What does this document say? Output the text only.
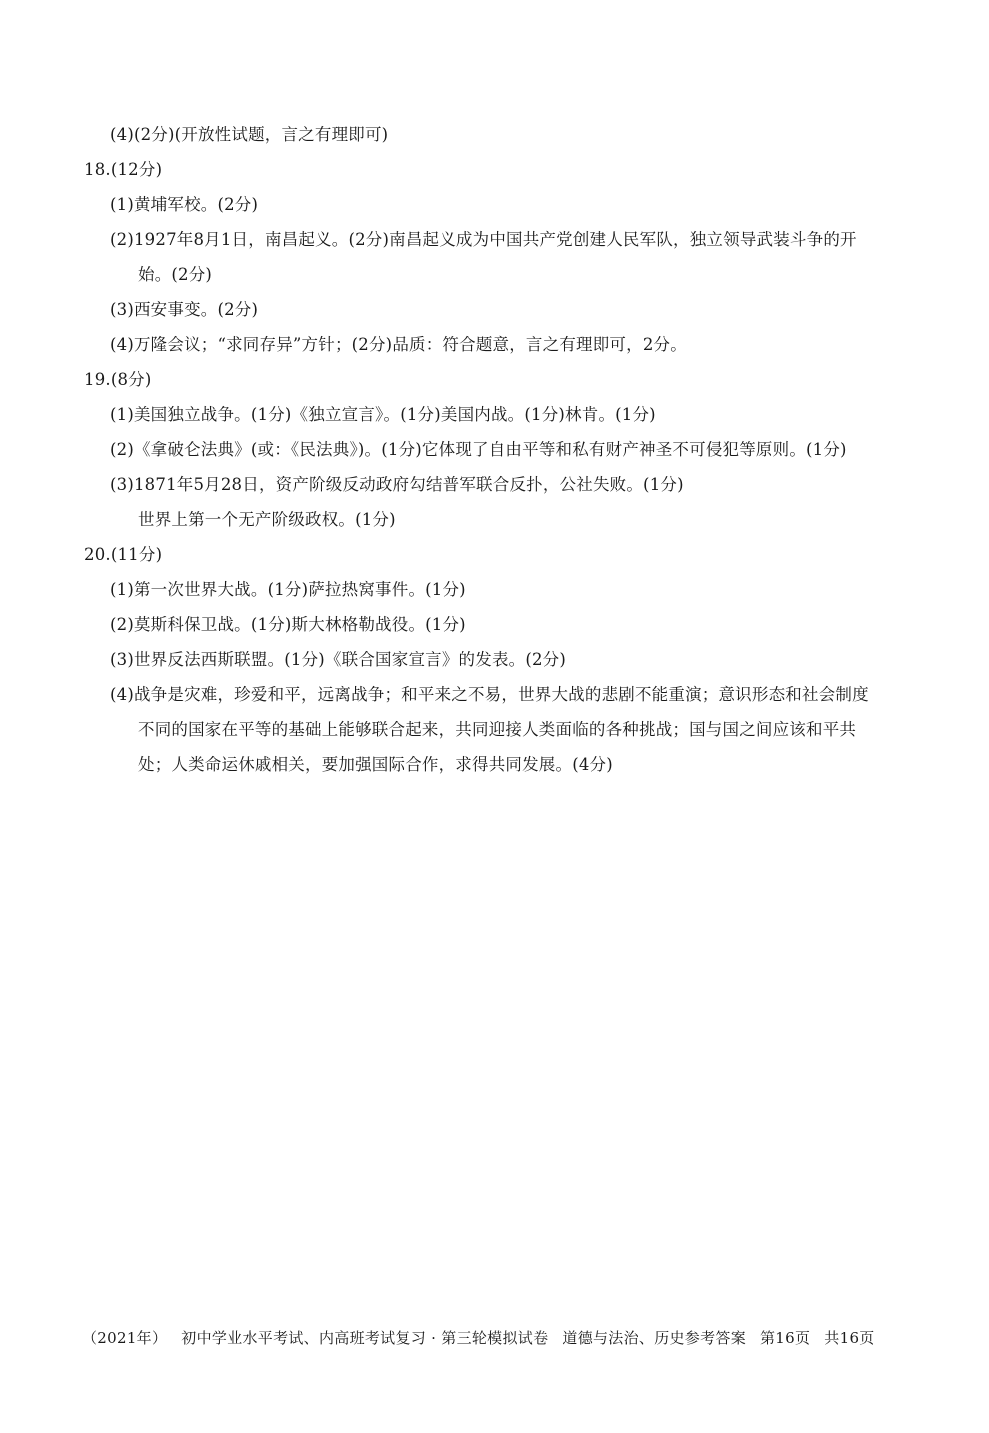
(4)(2分)(开放性试题，言之有理即可)
18.(12分)
(1)黄埔军校。(2分)
(2)1927年8月1日，南昌起义。(2分)南昌起义成为中国共产党创建人民军队，独立领导武装斗争的开
始。(2分)
(3)西安事变。(2分)
(4)万隆会议；“求同存异”方针；(2分)品质：符合题意，言之有理即可，2分。
19.(8分)
(1)美国独立战争。(1分)《独立宣言》。(1分)美国内战。(1分)林肯。(1分)
(2)《拿破仑法典》(或：《民法典》)。(1分)它体现了自由平等和私有财产神圣不可侵犯等原则。(1分)
(3)1871年5月28日，资产阶级反动政府勾结普军联合反扑，公社失败。(1分)
世界上第一个无产阶级政权。(1分)
20.(11分)
(1)第一次世界大战。(1分)萨拉热窝事件。(1分)
(2)莫斯科保卫战。(1分)斯大林格勒战役。(1分)
(3)世界反法西斯联盟。(1分)《联合国家宣言》的发表。(2分)
(4)战争是灾难，珍爱和平，远离战争；和平来之不易，世界大战的悲剧不能重演；意识形态和社会制度
不同的国家在平等的基础上能够联合起来，共同迎接人类面临的各种挑战；国与国之间应该和平共
处；人类命运休戚相关，要加强国际合作，求得共同发展。(4分)
（2021年） 初中学业水平考试、内高班考试复习 · 第三轮模拟试卷 道德与法治、历史参考答案 第16页 共16页
